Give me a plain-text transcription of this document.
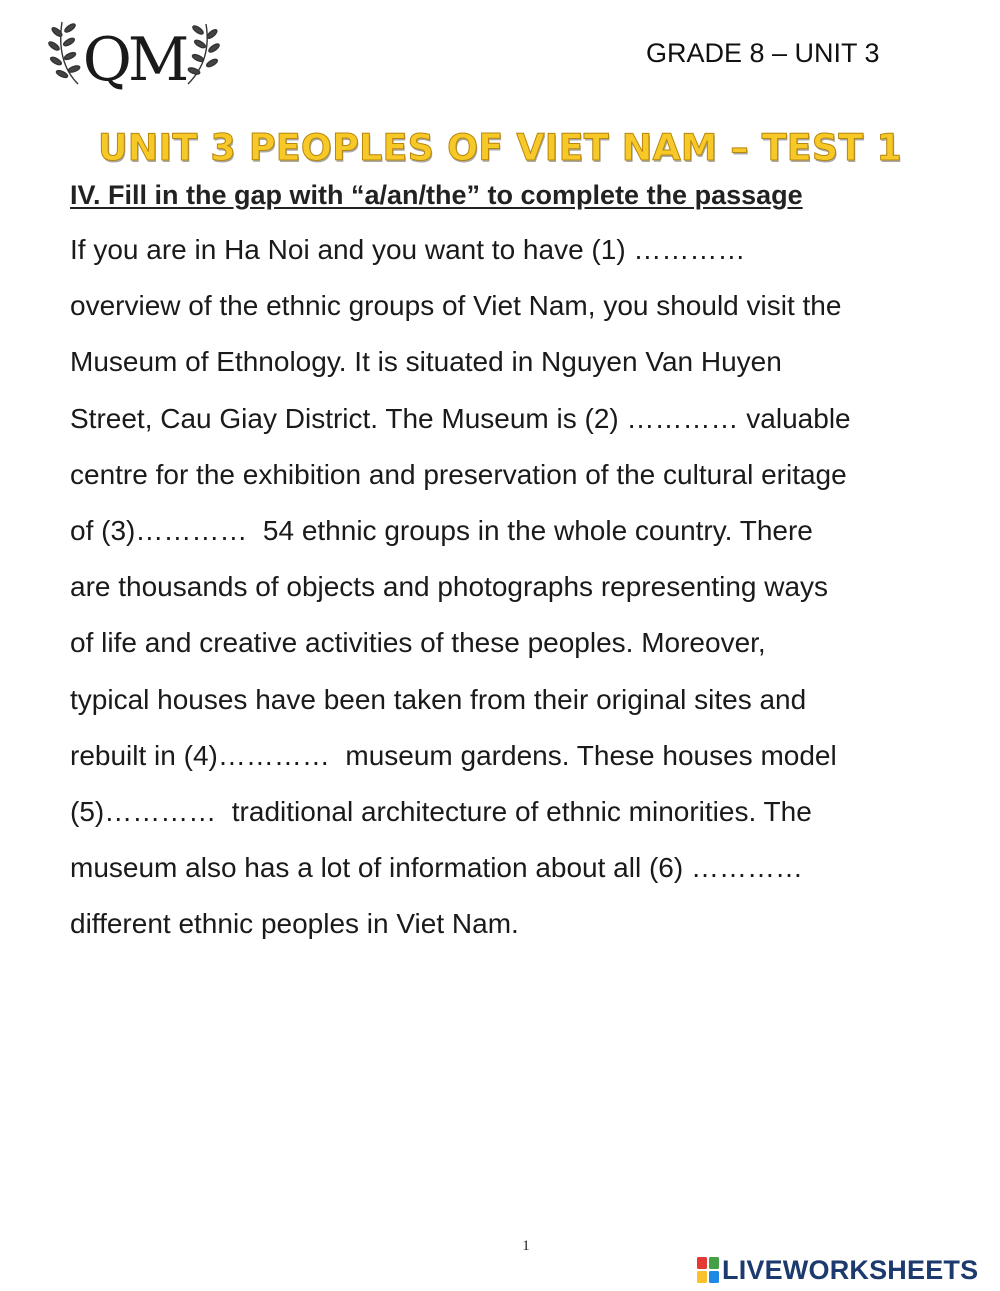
QM	GRADE 8 – UNIT 3
UNIT 3 PEOPLES OF VIET NAM – TEST 1
IV. Fill in the gap with “a/an/the” to complete the passage
If you are in Ha Noi and you want to have (1) …………
overview of the ethnic groups of Viet Nam, you should visit the
Museum of Ethnology. It is situated in Nguyen Van Huyen
Street, Cau Giay District. The Museum is (2) ………… valuable
centre for the exhibition and preservation of the cultural eritage
of (3)…………  54 ethnic groups in the whole country. There
are thousands of objects and photographs representing ways
of life and creative activities of these peoples. Moreover,
typical houses have been taken from their original sites and
rebuilt in (4)…………  museum gardens. These houses model
(5)…………  traditional architecture of ethnic minorities. The
museum also has a lot of information about all (6) …………
different ethnic peoples in Viet Nam.
1
LIVEWORKSHEETS
